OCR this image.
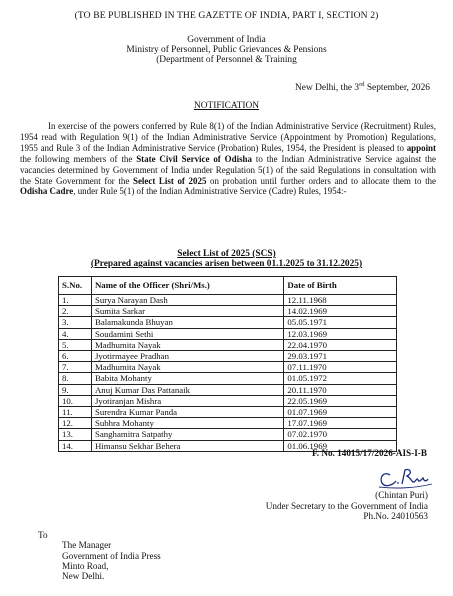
(TO BE PUBLISHED IN THE GAZETTE OF INDIA, PART I, SECTION 2)
Government of India
Ministry of Personnel, Public Grievances & Pensions
(Department of Personnel & Training
New Delhi, the 3rd September, 2026
NOTIFICATION
In exercise of the powers conferred by Rule 8(1) of the Indian Administrative Service (Recruitment) Rules, 1954 read with Regulation 9(1) of the Indian Administrative Service (Appointment by Promotion) Regulations, 1955 and Rule 3 of the Indian Administrative Service (Probation) Rules, 1954, the President is pleased to appoint the following members of the State Civil Service of Odisha to the Indian Administrative Service against the vacancies determined by Government of India under Regulation 5(1) of the said Regulations in consultation with the State Government for the Select List of 2025 on probation until further orders and to allocate them to the Odisha Cadre, under Rule 5(1) of the Indian Administrative Service (Cadre) Rules, 1954:-
Select List of 2025 (SCS)
(Prepared against vacancies arisen between 01.1.2025 to 31.12.2025)
S.No.	Name of the Officer (Shri/Ms.)	Date of Birth
1.	Surya Narayan Dash	12.11.1968
2.	Sumita Sarkar	14.02.1969
3.	Balamakunda Bhuyan	05.05.1971
4.	Soudamini Sethi	12.03.1969
5.	Madhumita Nayak	22.04.1970
6.	Jyotirmayee Pradhan	29.03.1971
7.	Madhumita Nayak	07.11.1970
8.	Babita Mohanty	01.05.1972
9.	Anuj Kumar Das Pattanaik	20.11.1970
10.	Jyotiranjan Mishra	22.05.1969
11.	Surendra Kumar Panda	01.07.1969
12.	Subhra Mohanty	17.07.1969
13.	Sanghamitra Satpathy	07.02.1970
14.	Himansu Sekhar Behera	01.06.1969
F. No. 14015/17/2026-AIS-I-B
(Chintan Puri)
Under Secretary to the Government of India
Ph.No. 24010563
To
The Manager
Government of India Press
Minto Road,
New Delhi.
